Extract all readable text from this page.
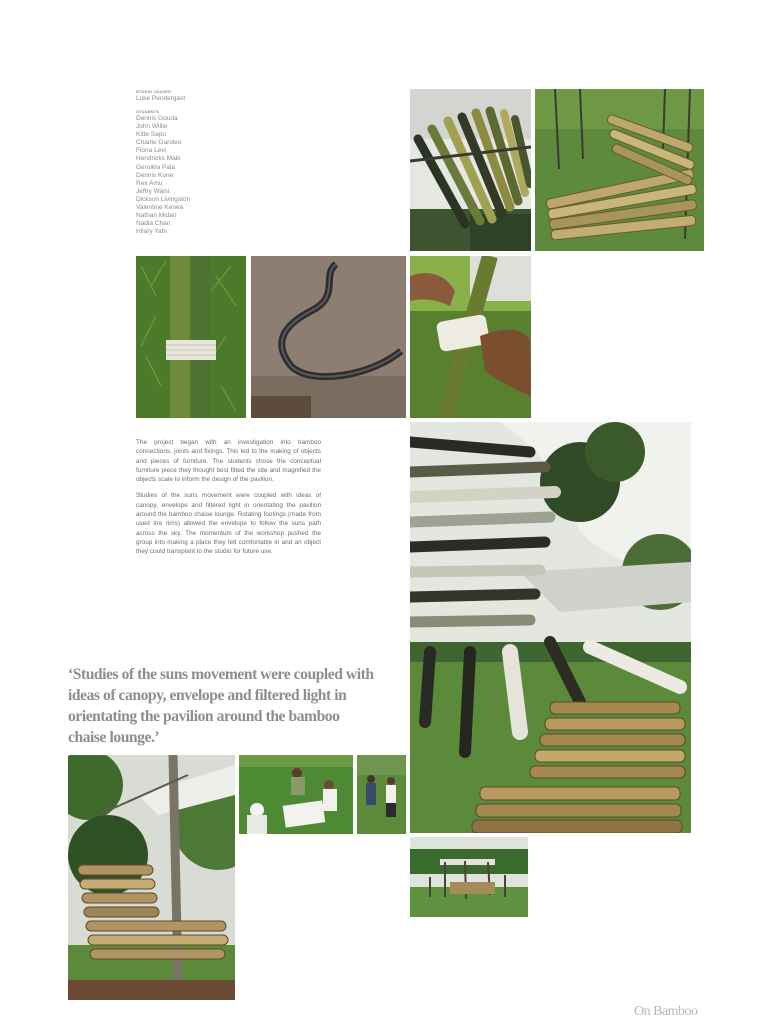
STUDIO LEADER
Luke Pendergast
STUDENTS
Dennis Gouda
John Willie
Kitte Sapu
Charlie Garoleo
Fiona Levi
Hendricks Maki
Geroikla Pala
Dennis Kone
Rex Amu
Jeffry Waisi
Dickson Livingston
Valentine Kenea
Nathan Midan
Nadia Chan
Hilary Yahi

The project began with an investigation into bamboo connections, joints and fixings. This led to the making of objects and pieces of furniture. The students chose the conceptual furniture piece they thought best fitted the site and magnified the objects scale to inform the design of the pavilion.

Studies of the suns movement were coupled with ideas of canopy, envelope and filtered light in orientating the pavilion around the bamboo chaise lounge. Rotating footings (made from used tire rims) allowed the envelope to follow the suns path across the sky. The momentum of the workshop pushed the group into making a place they felt comfortable in and an object they could transplant to the studio for future use.

‘Studies of the suns movement were coupled with ideas of canopy, envelope and filtered light in orientating the pavilion around the bamboo chaise lounge.’
On Bamboo
